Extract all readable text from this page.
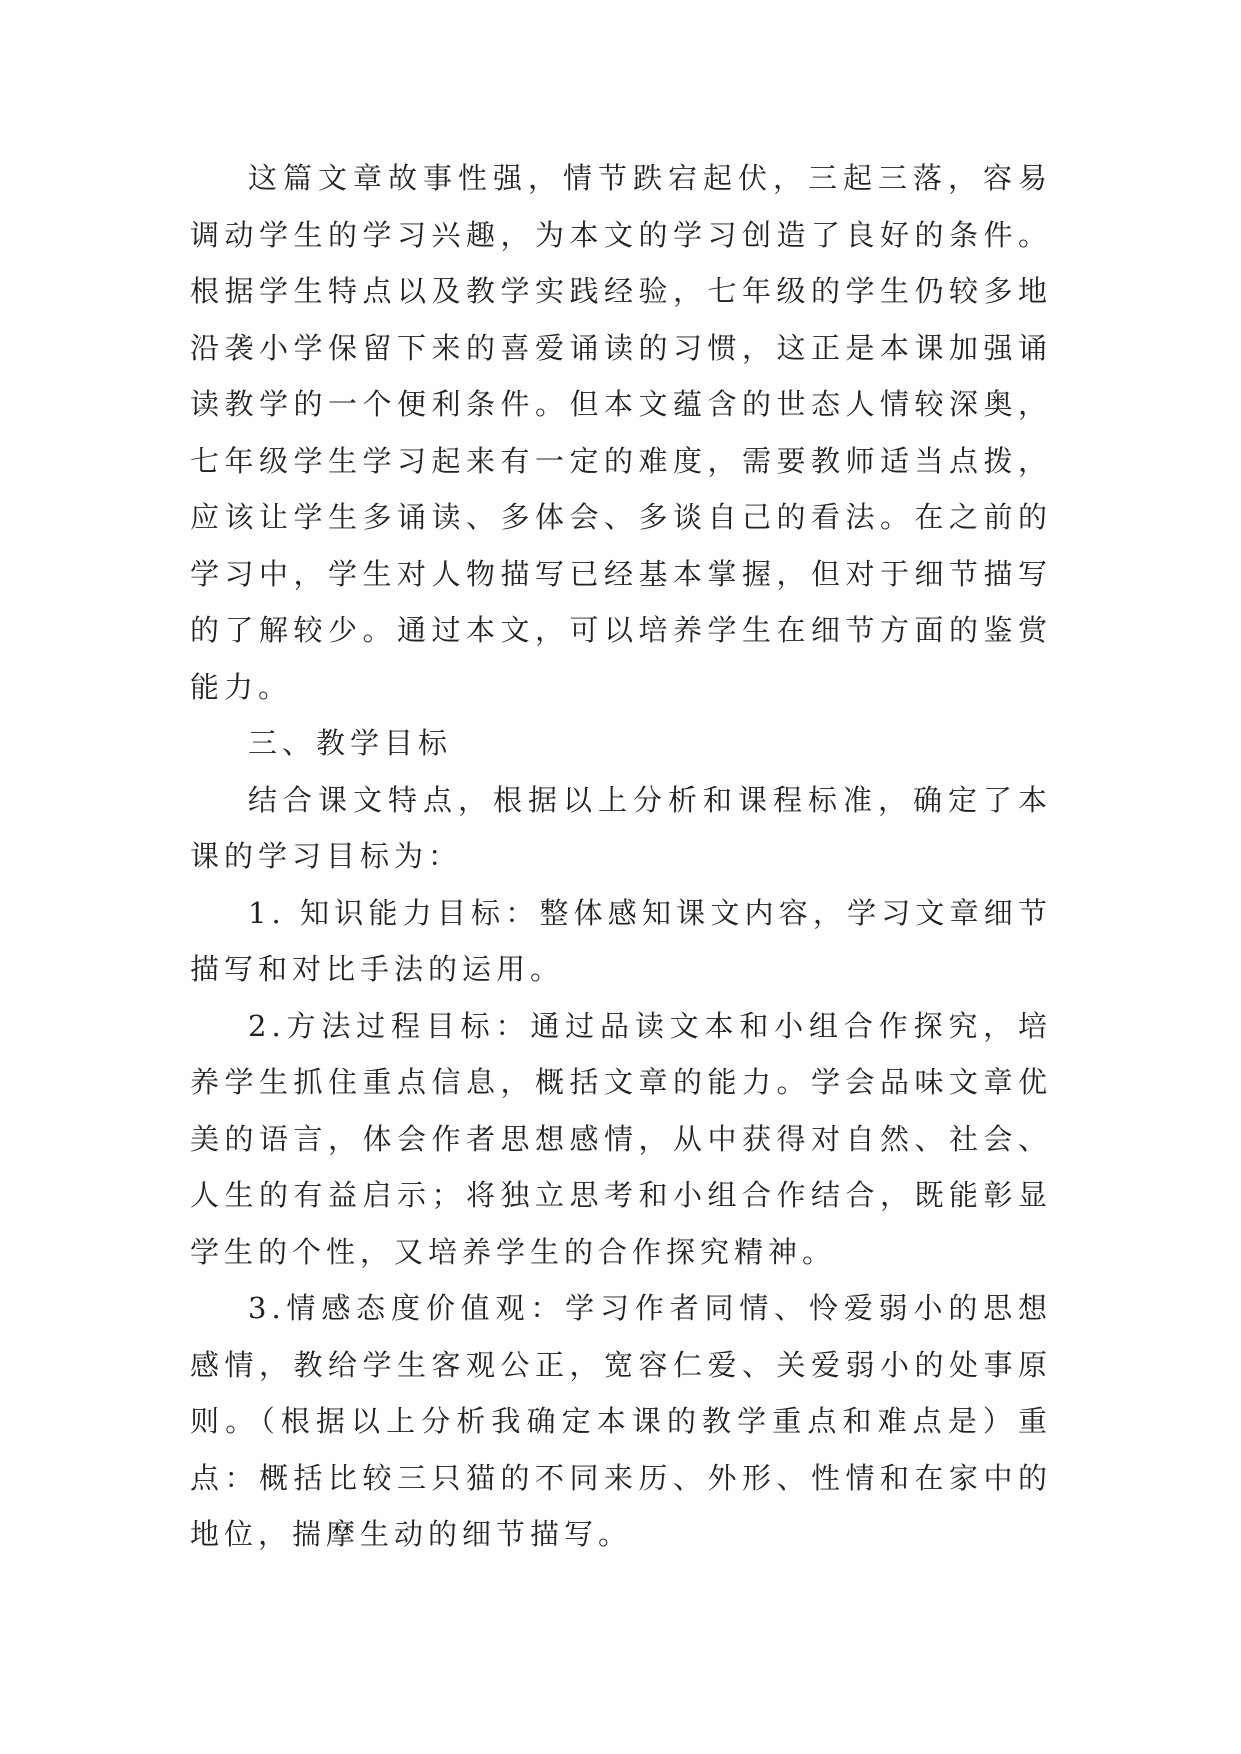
这篇文章故事性强，情节跌宕起伏，三起三落，容易调动学生的学习兴趣，为本文的学习创造了良好的条件。根据学生特点以及教学实践经验，七年级的学生仍较多地沿袭小学保留下来的喜爱诵读的习惯，这正是本课加强诵读教学的一个便利条件。但本文蕴含的世态人情较深奥，七年级学生学习起来有一定的难度，需要教师适当点拨，应该让学生多诵读、多体会、多谈自己的看法。在之前的学习中，学生对人物描写已经基本掌握，但对于细节描写的了解较少。通过本文，可以培养学生在细节方面的鉴赏能力。

三、教学目标

结合课文特点，根据以上分析和课程标准，确定了本课的学习目标为：

1. 知识能力目标：整体感知课文内容，学习文章细节描写和对比手法的运用。

2.方法过程目标：通过品读文本和小组合作探究，培养学生抓住重点信息，概括文章的能力。学会品味文章优美的语言，体会作者思想感情，从中获得对自然、社会、人生的有益启示；将独立思考和小组合作结合，既能彰显学生的个性，又培养学生的合作探究精神。

3.情感态度价值观：学习作者同情、怜爱弱小的思想感情，教给学生客观公正，宽容仁爱、关爱弱小的处事原则。（根据以上分析我确定本课的教学重点和难点是）重点：概括比较三只猫的不同来历、外形、性情和在家中的地位，揣摩生动的细节描写。
